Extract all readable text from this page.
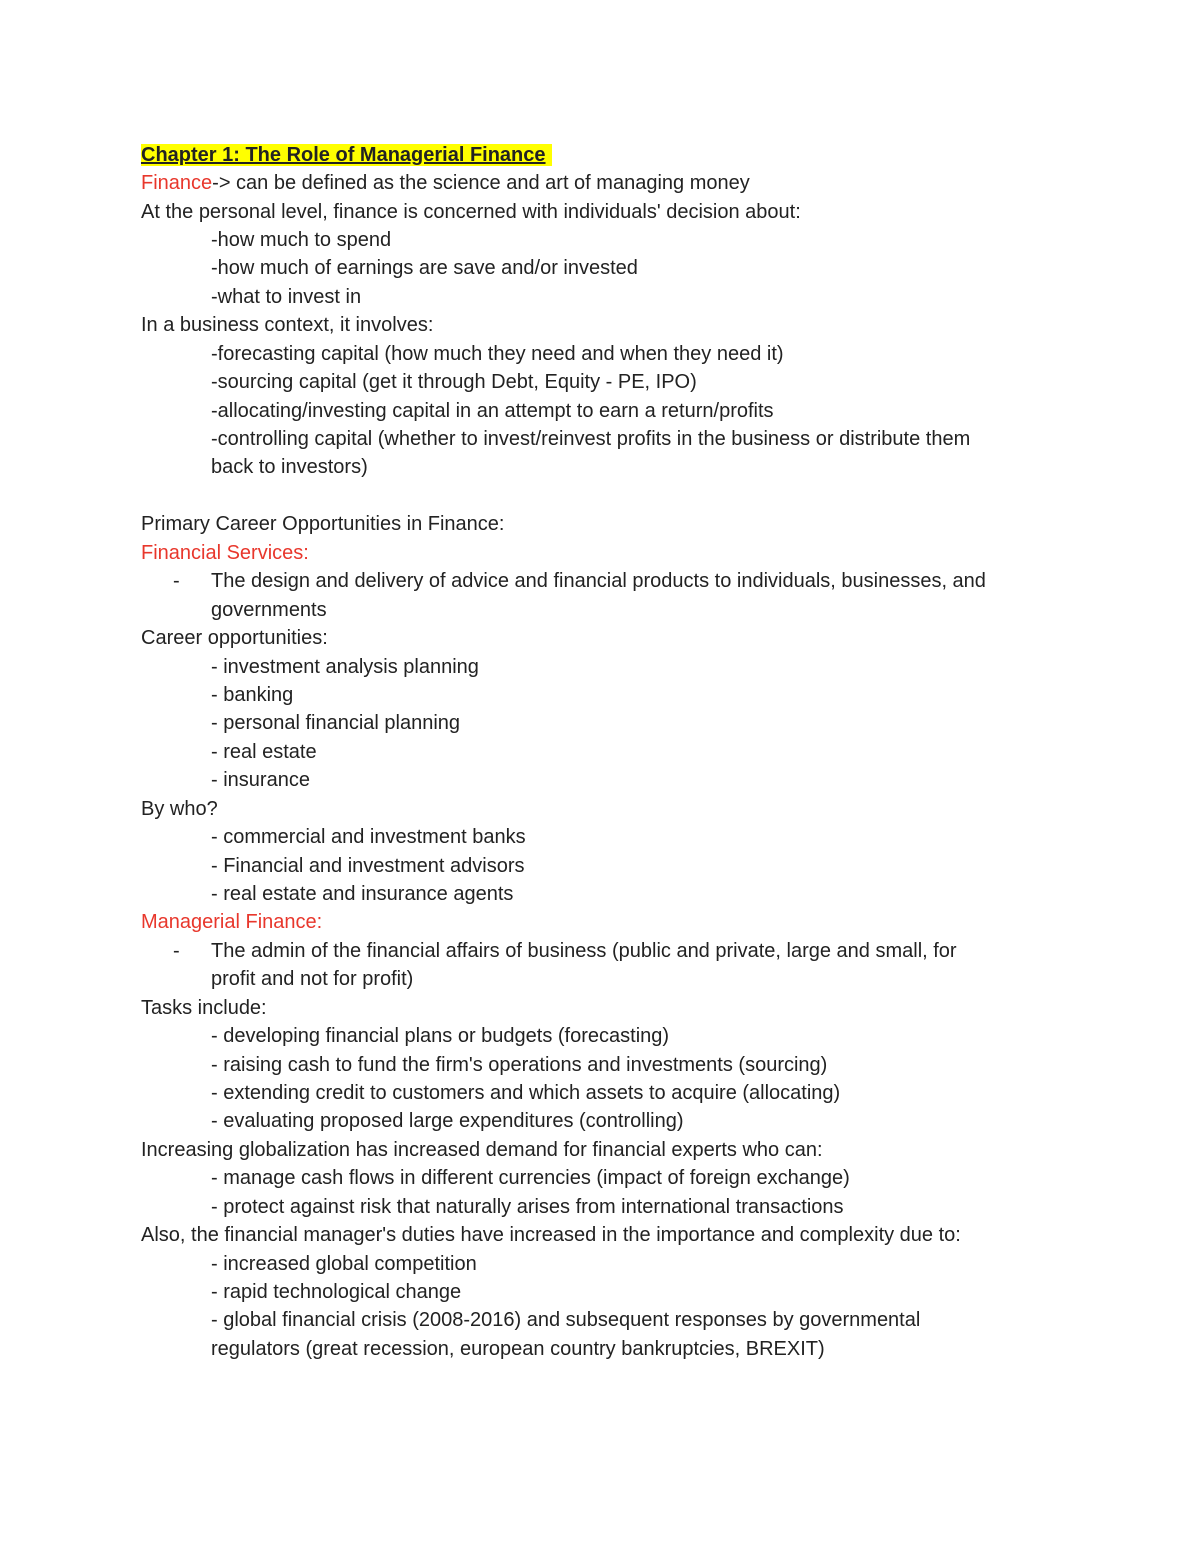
Chapter 1: The Role of Managerial Finance
Finance-> can be defined as the science and art of managing money
At the personal level, finance is concerned with individuals' decision about:
-how much to spend
-how much of earnings are save and/or invested
-what to invest in
In a business context, it involves:
-forecasting capital (how much they need and when they need it)
-sourcing capital (get it through Debt, Equity - PE, IPO)
-allocating/investing capital in an attempt to earn a return/profits
-controlling capital (whether to invest/reinvest profits in the business or distribute them
back to investors)
Primary Career Opportunities in Finance:
Financial Services:
- The design and delivery of advice and financial products to individuals, businesses, and
governments
Career opportunities:
- investment analysis planning
- banking
- personal financial planning
- real estate
- insurance
By who?
- commercial and investment banks
- Financial and investment advisors
- real estate and insurance agents
Managerial Finance:
- The admin of the financial affairs of business (public and private, large and small, for
profit and not for profit)
Tasks include:
- developing financial plans or budgets (forecasting)
- raising cash to fund the firm's operations and investments (sourcing)
- extending credit to customers and which assets to acquire (allocating)
- evaluating proposed large expenditures (controlling)
Increasing globalization has increased demand for financial experts who can:
- manage cash flows in different currencies (impact of foreign exchange)
- protect against risk that naturally arises from international transactions
Also, the financial manager's duties have increased in the importance and complexity due to:
- increased global competition
- rapid technological change
- global financial crisis (2008-2016) and subsequent responses by governmental
regulators (great recession, european country bankruptcies, BREXIT)
